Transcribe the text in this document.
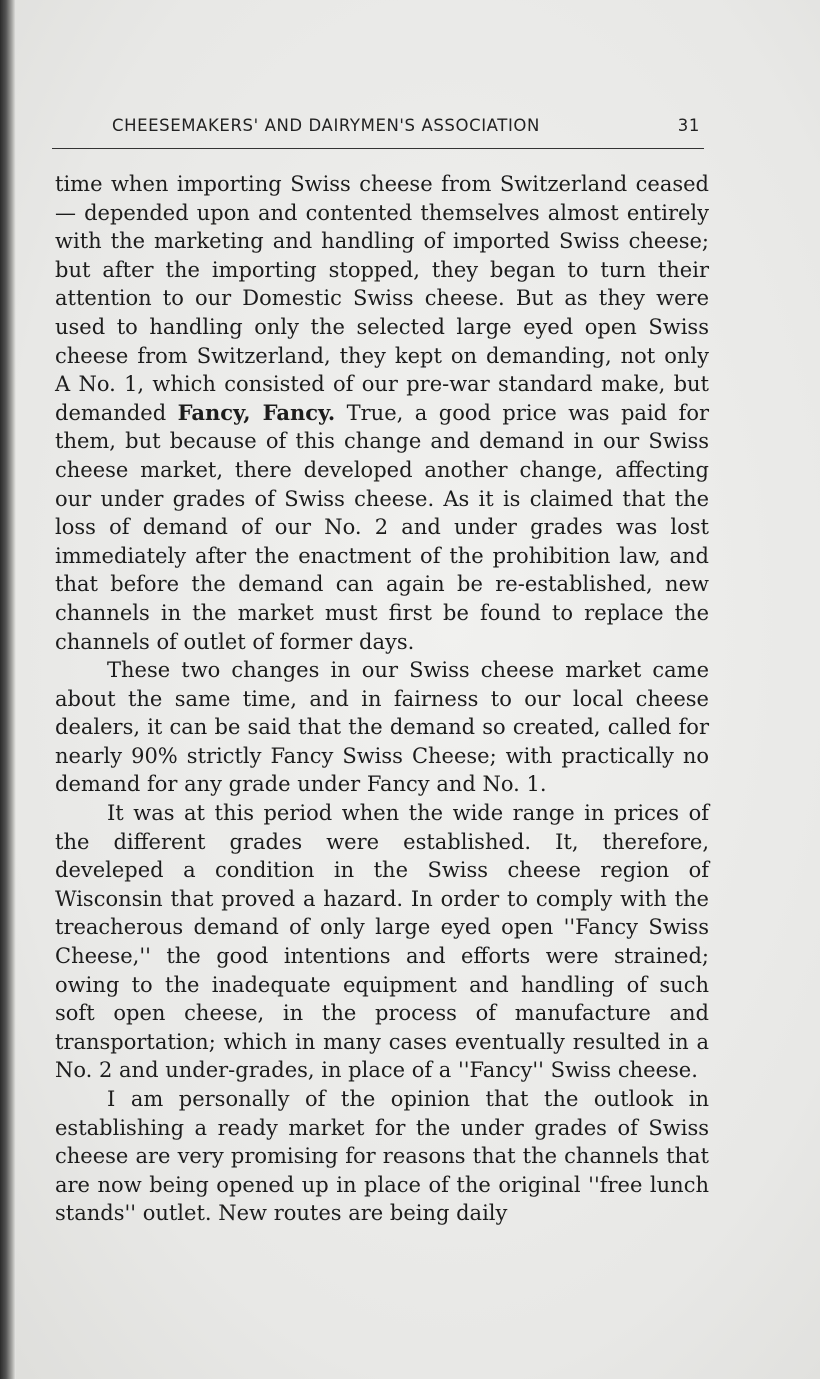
CHEESEMAKERS' AND DAIRYMEN'S ASSOCIATION	31

time when importing Swiss cheese from Switzerland ceased— depended upon and contented themselves almost entirely with the marketing and handling of imported Swiss cheese; but after the importing stopped, they began to turn their attention to our Domestic Swiss cheese. But as they were used to handling only the selected large eyed open Swiss cheese from Switzerland, they kept on demanding, not only A No. 1, which consisted of our pre-war standard make, but demanded Fancy, Fancy. True, a good price was paid for them, but because of this change and demand in our Swiss cheese market, there developed another change, affecting our under grades of Swiss cheese. As it is claimed that the loss of demand of our No. 2 and under grades was lost immediately after the enactment of the prohibition law, and that before the demand can again be re-established, new channels in the market must first be found to replace the channels of outlet of former days.

These two changes in our Swiss cheese market came about the same time, and in fairness to our local cheese dealers, it can be said that the demand so created, called for nearly 90% strictly Fancy Swiss Cheese; with practically no demand for any grade under Fancy and No. 1.

It was at this period when the wide range in prices of the different grades were established. It, therefore, develeped a condition in the Swiss cheese region of Wisconsin that proved a hazard. In order to comply with the treacherous demand of only large eyed open ''Fancy Swiss Cheese,'' the good intentions and efforts were strained; owing to the inadequate equipment and handling of such soft open cheese, in the process of manufacture and transportation; which in many cases eventually resulted in a No. 2 and under-grades, in place of a ''Fancy'' Swiss cheese.

I am personally of the opinion that the outlook in establishing a ready market for the under grades of Swiss cheese are very promising for reasons that the channels that are now being opened up in place of the original ''free lunch stands'' outlet. New routes are being daily
